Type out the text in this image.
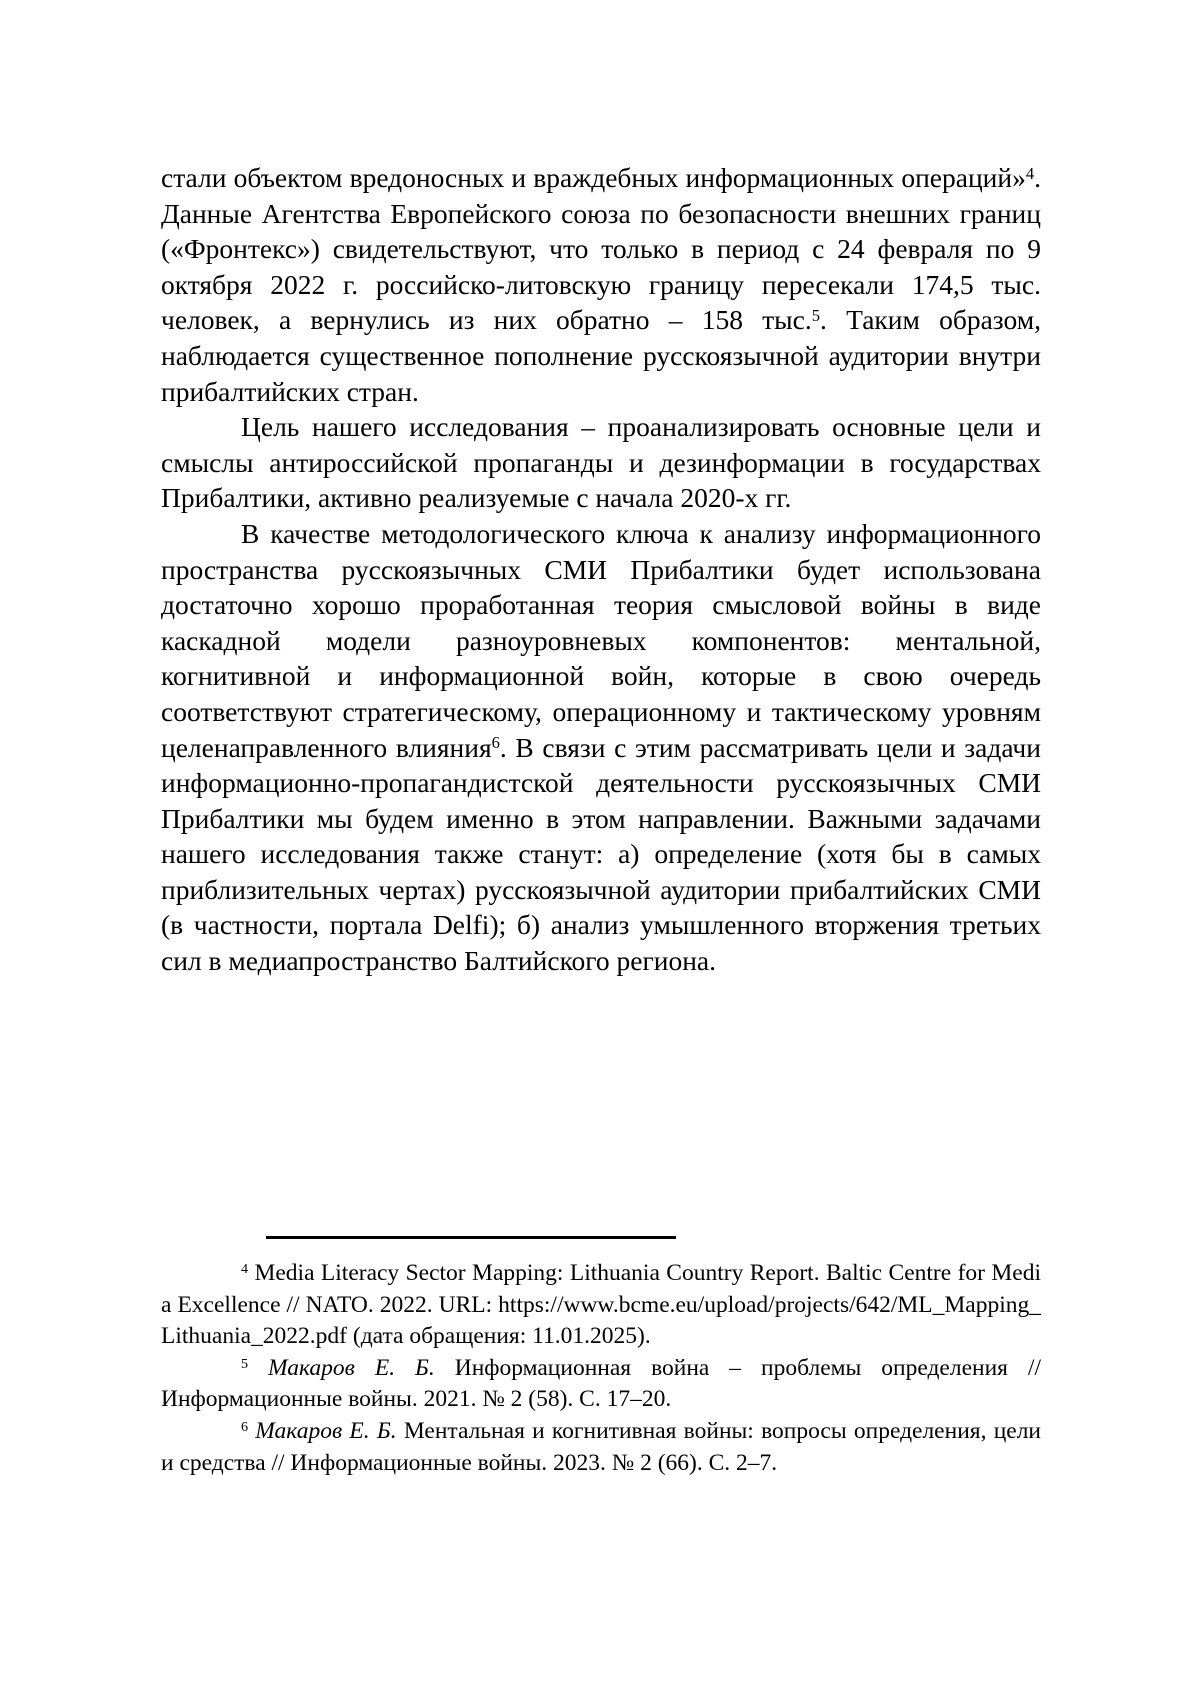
стали объектом вредоносных и враждебных информационных операций»$^4$. Данные Агентства Европейского союза по безопасности внешних границ («Фронтекс») свидетельствуют, что только в период с 24 февраля по 9 октября 2022 г. российско-литовскую границу пересекали 174,5 тыс. человек, а вернулись из них обратно – 158 тыс.$^5$. Таким образом, наблюдается существенное пополнение русскоязычной аудитории внутри прибалтийских стран.

Цель нашего исследования – проанализировать основные цели и смыслы антироссийской пропаганды и дезинформации в государствах Прибалтики, активно реализуемые с начала 2020-х гг.

В качестве методологического ключа к анализу информационного пространства русскоязычных СМИ Прибалтики будет использована достаточно хорошо проработанная теория смысловой войны в виде каскадной модели разноуровневых компонентов: ментальной, когнитивной и информационной войн, которые в свою очередь соответствуют стратегическому, операционному и тактическому уровням целенаправленного влияния$^6$. В связи с этим рассматривать цели и задачи информационно-пропагандистской деятельности русскоязычных СМИ Прибалтики мы будем именно в этом направлении. Важными задачами нашего исследования также станут: а) определение (хотя бы в самых приблизительных чертах) русскоязычной аудитории прибалтийских СМИ (в частности, портала Delfi); б) анализ умышленного вторжения третьих сил в медиапространство Балтийского региона.

$^4$ Media Literacy Sector Mapping: Lithuania Country Report. Baltic Centre for Media Excellence // NATO. 2022. URL: https://www.bcme.eu/upload/projects/642/ML_Mapping_Lithuania_2022.pdf (дата обращения: 11.01.2025).

$^5$ Макаров Е. Б. Информационная война – проблемы определения // Информационные войны. 2021. № 2 (58). С. 17–20.

$^6$ Макаров Е. Б. Ментальная и когнитивная войны: вопросы определения, цели и средства // Информационные войны. 2023. № 2 (66). С. 2–7.
